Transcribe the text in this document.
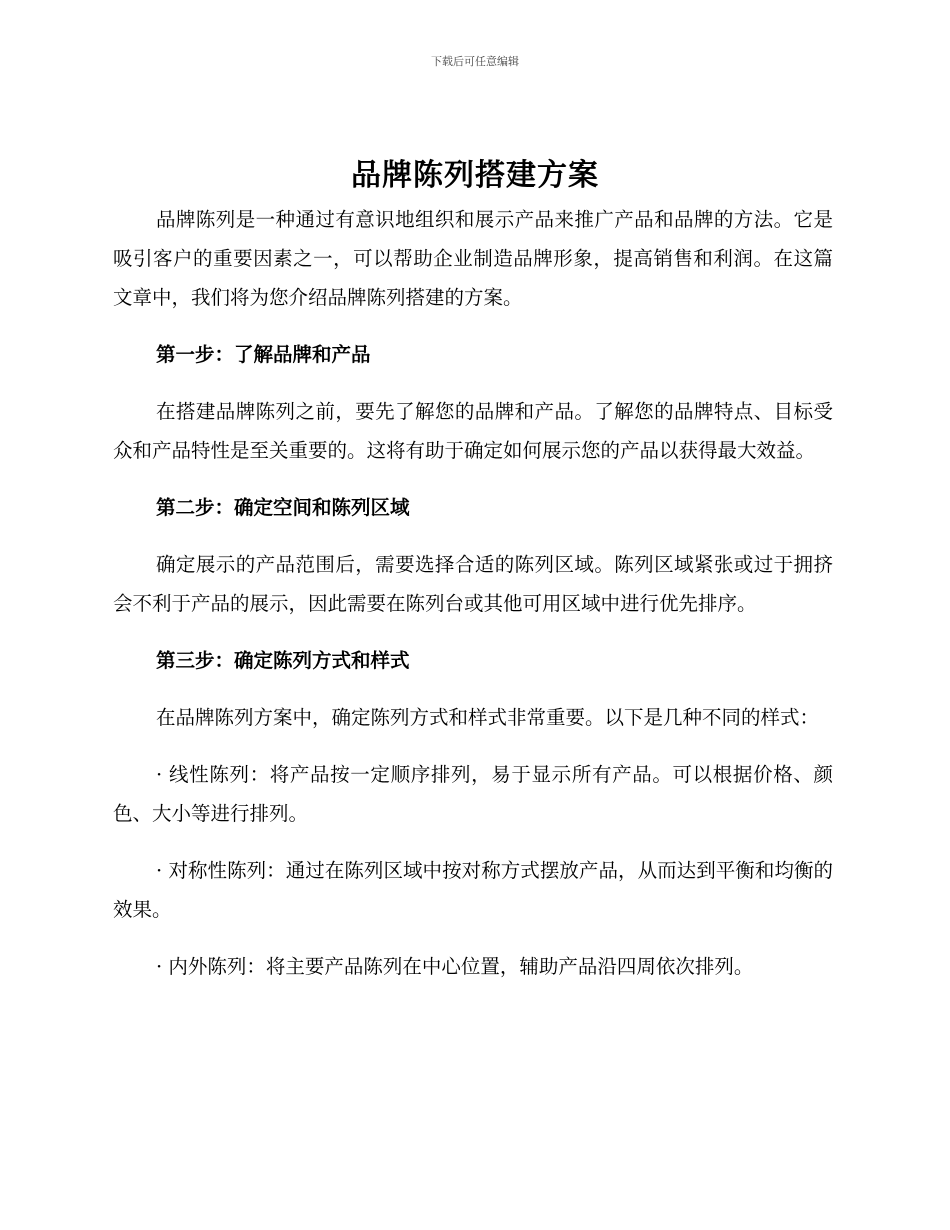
下载后可任意编辑
品牌陈列搭建方案

品牌陈列是一种通过有意识地组织和展示产品来推广产品和品牌的方法。它是吸引客户的重要因素之一，可以帮助企业制造品牌形象，提高销售和利润。在这篇文章中，我们将为您介绍品牌陈列搭建的方案。

第一步：了解品牌和产品

在搭建品牌陈列之前，要先了解您的品牌和产品。了解您的品牌特点、目标受众和产品特性是至关重要的。这将有助于确定如何展示您的产品以获得最大效益。

第二步：确定空间和陈列区域

确定展示的产品范围后，需要选择合适的陈列区域。陈列区域紧张或过于拥挤会不利于产品的展示，因此需要在陈列台或其他可用区域中进行优先排序。

第三步：确定陈列方式和样式

在品牌陈列方案中，确定陈列方式和样式非常重要。以下是几种不同的样式：

· 线性陈列：将产品按一定顺序排列，易于显示所有产品。可以根据价格、颜色、大小等进行排列。

· 对称性陈列：通过在陈列区域中按对称方式摆放产品，从而达到平衡和均衡的效果。

· 内外陈列：将主要产品陈列在中心位置，辅助产品沿四周依次排列。
